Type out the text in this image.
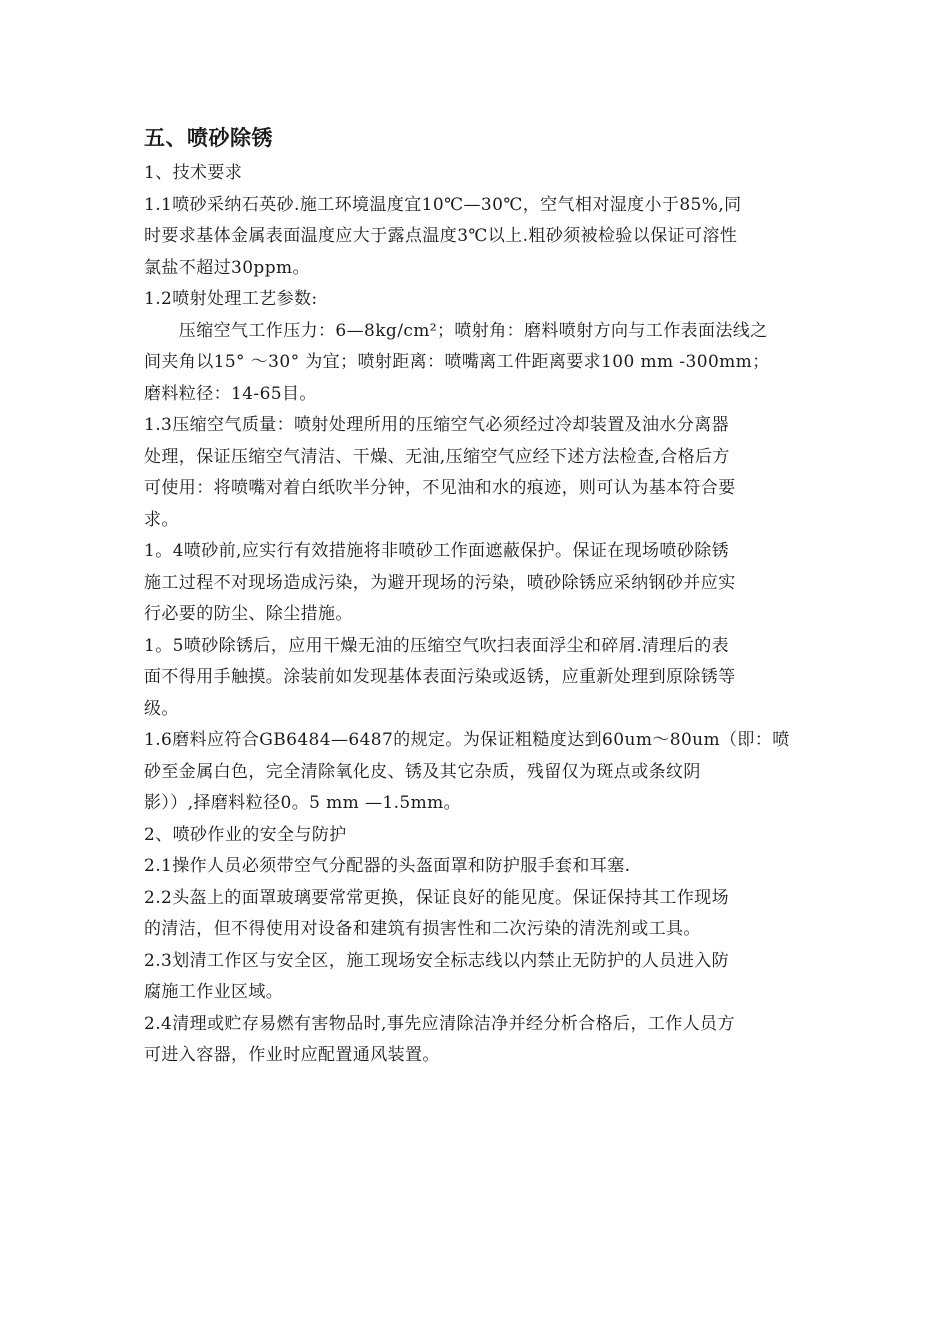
五、喷砂除锈
1、技术要求
1.1喷砂采纳石英砂.施工环境温度宜10℃—30℃，空气相对湿度小于85%,同
时要求基体金属表面温度应大于露点温度3℃以上.粗砂须被检验以保证可溶性
氯盐不超过30ppm。
1.2喷射处理工艺参数:
　　压缩空气工作压力：6—8kg/cm²；喷射角：磨料喷射方向与工作表面法线之
间夹角以15° ～30° 为宜；喷射距离：喷嘴离工件距离要求100 mm -300mm；
磨料粒径：14-65目。
1.3压缩空气质量：喷射处理所用的压缩空气必须经过冷却装置及油水分离器
处理，保证压缩空气清洁、干燥、无油,压缩空气应经下述方法检查,合格后方
可使用：将喷嘴对着白纸吹半分钟，不见油和水的痕迹，则可认为基本符合要
求。
1。4喷砂前,应实行有效措施将非喷砂工作面遮蔽保护。保证在现场喷砂除锈
施工过程不对现场造成污染，为避开现场的污染，喷砂除锈应采纳钢砂并应实
行必要的防尘、除尘措施。
1。5喷砂除锈后，应用干燥无油的压缩空气吹扫表面浮尘和碎屑.清理后的表
面不得用手触摸。涂装前如发现基体表面污染或返锈，应重新处理到原除锈等
级。
1.6磨料应符合GB6484—6487的规定。为保证粗糙度达到60um～80um（即：喷
砂至金属白色，完全清除氧化皮、锈及其它杂质，残留仅为斑点或条纹阴
影））,择磨料粒径0。5 mm —1.5mm。
2、喷砂作业的安全与防护
2.1操作人员必须带空气分配器的头盔面罩和防护服手套和耳塞.
2.2头盔上的面罩玻璃要常常更换，保证良好的能见度。保证保持其工作现场
的清洁，但不得使用对设备和建筑有损害性和二次污染的清洗剂或工具。
2.3划清工作区与安全区，施工现场安全标志线以内禁止无防护的人员进入防
腐施工作业区域。
2.4清理或贮存易燃有害物品时,事先应清除洁净并经分析合格后，工作人员方
可进入容器，作业时应配置通风装置。
